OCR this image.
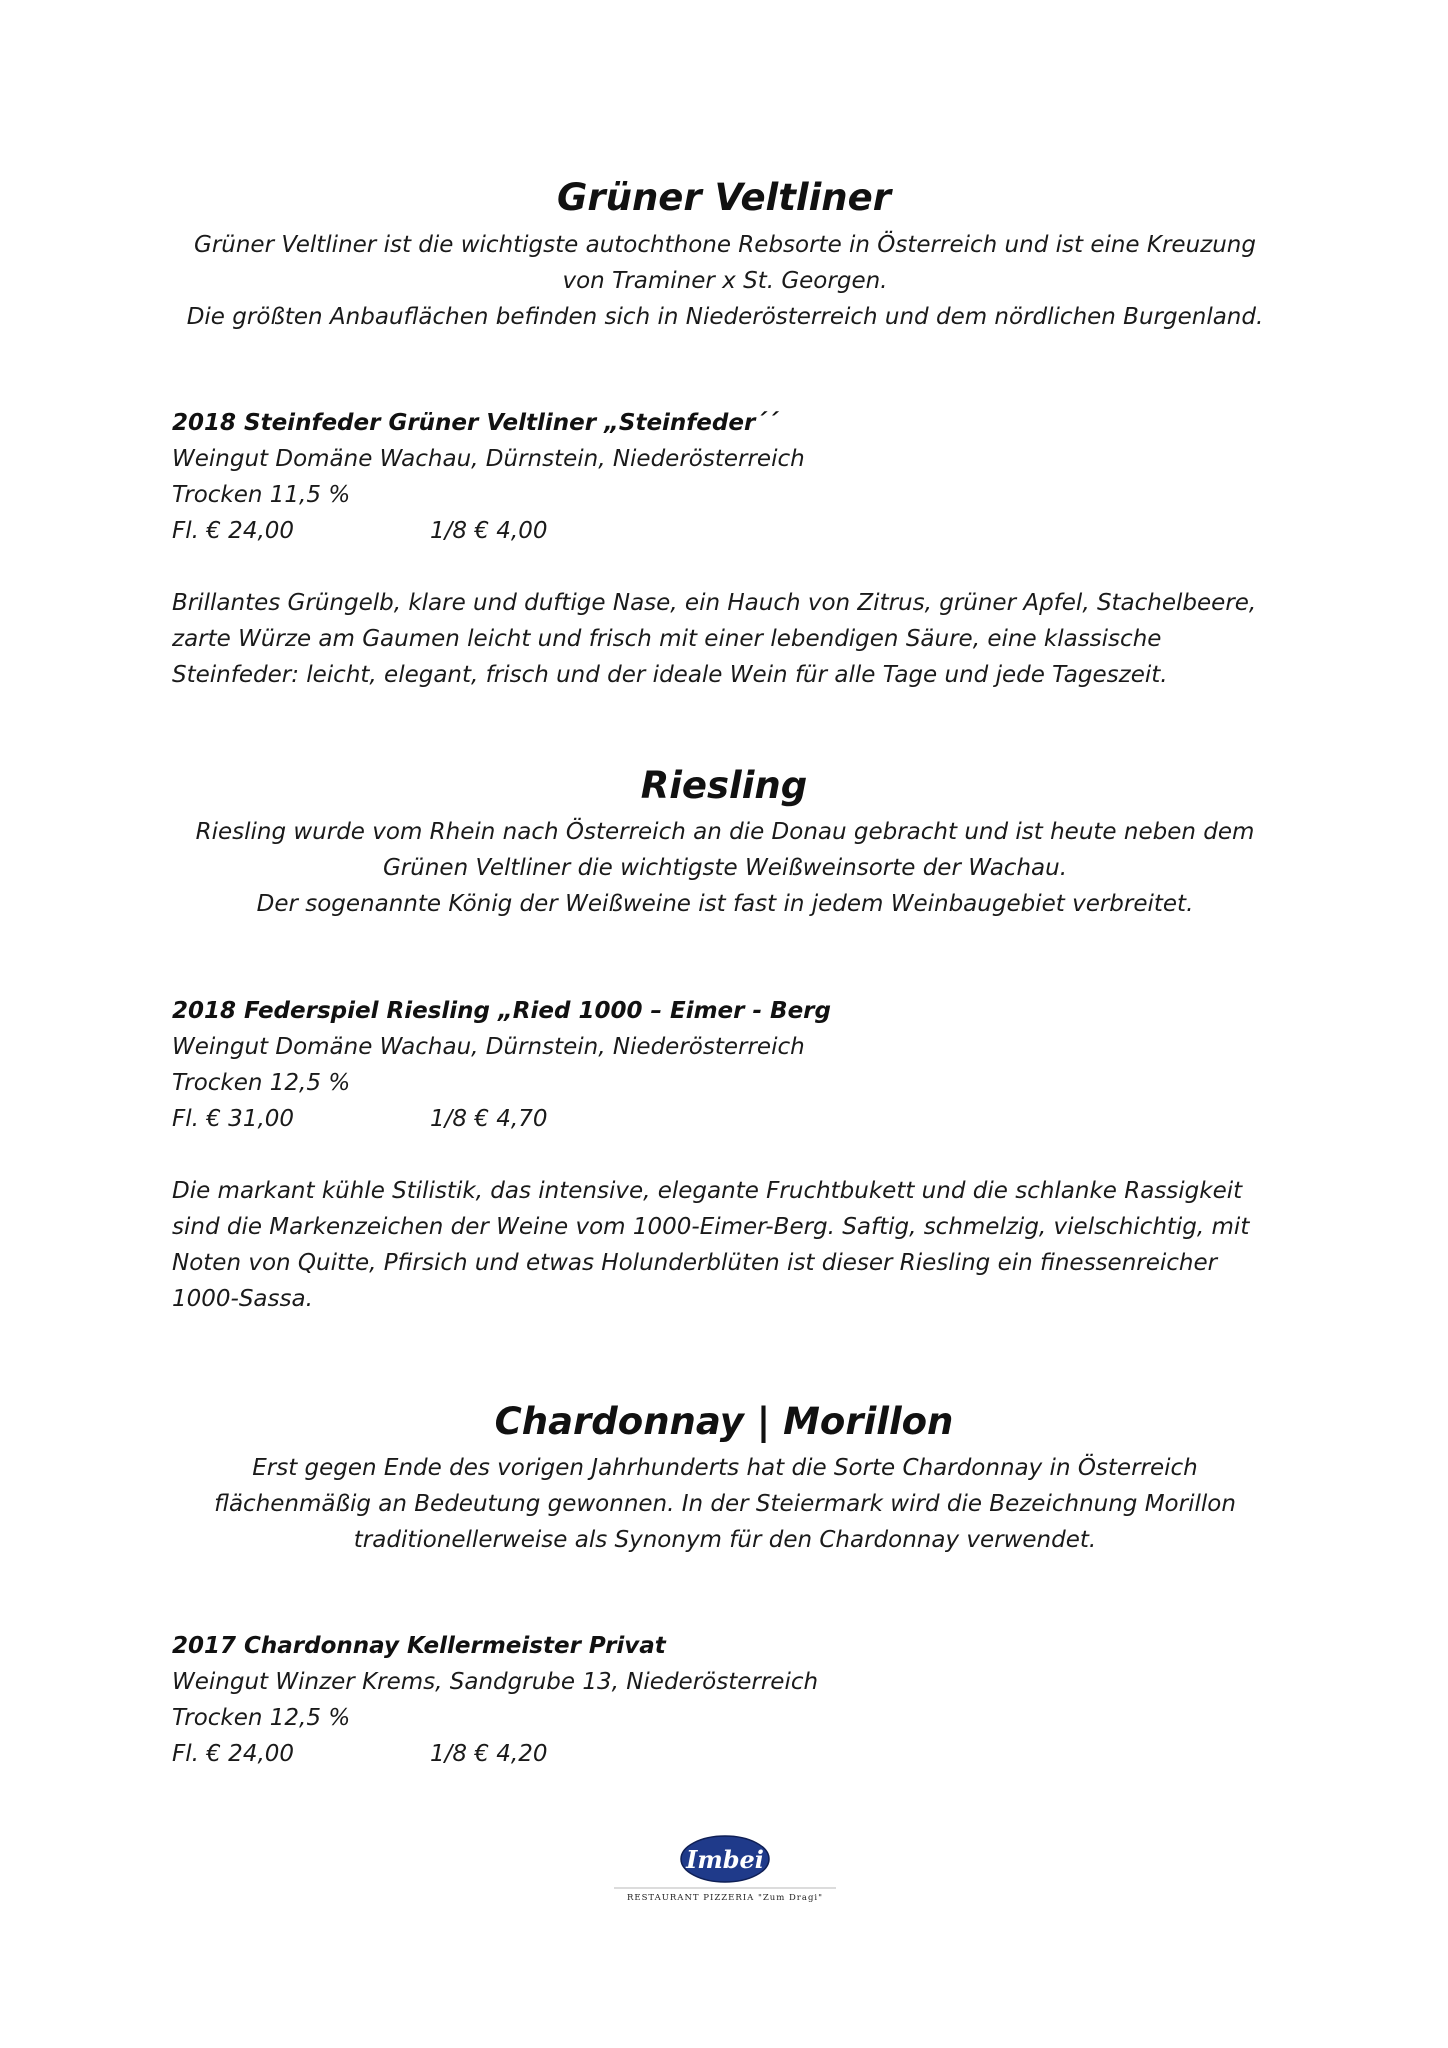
Grüner Veltliner
Grüner Veltliner ist die wichtigste autochthone Rebsorte in Österreich und ist eine Kreuzung
von Traminer x St. Georgen.
Die größten Anbauflächen befinden sich in Niederösterreich und dem nördlichen Burgenland.
2018 Steinfeder Grüner Veltliner „Steinfeder´´
Weingut Domäne Wachau, Dürnstein, Niederösterreich
Trocken 11,5 %
Fl. € 24,00	1/8 € 4,00
Brillantes Grüngelb, klare und duftige Nase, ein Hauch von Zitrus, grüner Apfel, Stachelbeere,
zarte Würze am Gaumen leicht und frisch mit einer lebendigen Säure, eine klassische
Steinfeder: leicht, elegant, frisch und der ideale Wein für alle Tage und jede Tageszeit.
Riesling
Riesling wurde vom Rhein nach Österreich an die Donau gebracht und ist heute neben dem
Grünen Veltliner die wichtigste Weißweinsorte der Wachau.
Der sogenannte König der Weißweine ist fast in jedem Weinbaugebiet verbreitet.
2018 Federspiel Riesling „Ried 1000 – Eimer - Berg
Weingut Domäne Wachau, Dürnstein, Niederösterreich
Trocken 12,5 %
Fl. € 31,00	1/8 € 4,70
Die markant kühle Stilistik, das intensive, elegante Fruchtbukett und die schlanke Rassigkeit
sind die Markenzeichen der Weine vom 1000-Eimer-Berg. Saftig, schmelzig, vielschichtig, mit
Noten von Quitte, Pfirsich und etwas Holunderblüten ist dieser Riesling ein finessenreicher
1000-Sassa.
Chardonnay | Morillon
Erst gegen Ende des vorigen Jahrhunderts hat die Sorte Chardonnay in Österreich
flächenmäßig an Bedeutung gewonnen. In der Steiermark wird die Bezeichnung Morillon
traditionellerweise als Synonym für den Chardonnay verwendet.
2017 Chardonnay Kellermeister Privat
Weingut Winzer Krems, Sandgrube 13, Niederösterreich
Trocken 12,5 %
Fl. € 24,00	1/8 € 4,20
Imbei
RESTAURANT PIZZERIA "Zum Dragi"
